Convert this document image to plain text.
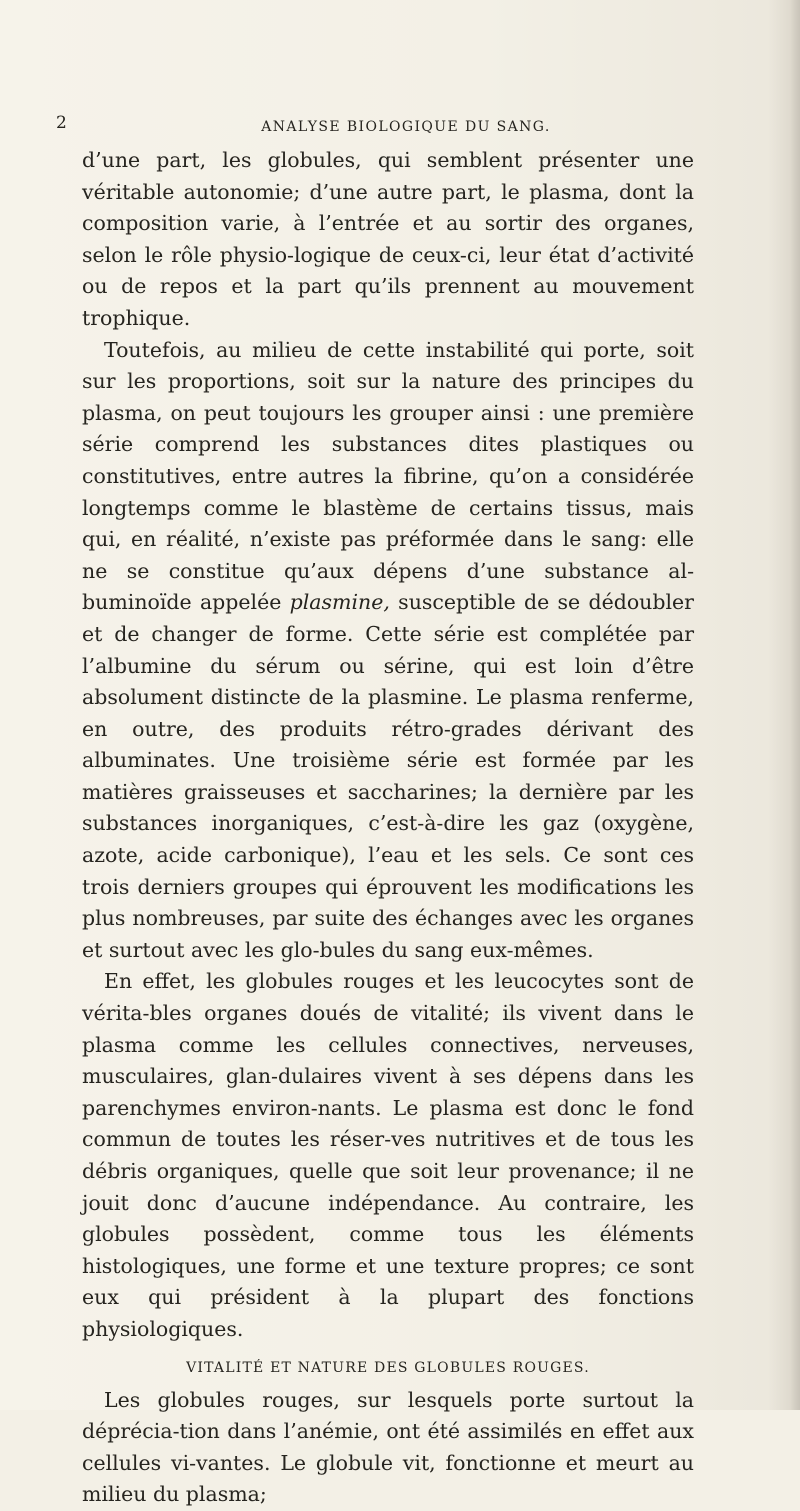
2	ANALYSE BIOLOGIQUE DU SANG.

d’une part, les globules, qui semblent présenter une véritable autonomie; d’une autre part, le plasma, dont la composition varie, à l’entrée et au sortir des organes, selon le rôle physio-logique de ceux-ci, leur état d’activité ou de repos et la part qu’ils prennent au mouvement trophique.

Toutefois, au milieu de cette instabilité qui porte, soit sur les proportions, soit sur la nature des principes du plasma, on peut toujours les grouper ainsi : une première série comprend les substances dites plastiques ou constitutives, entre autres la fibrine, qu’on a considérée longtemps comme le blastème de certains tissus, mais qui, en réalité, n’existe pas préformée dans le sang: elle ne se constitue qu’aux dépens d’une substance al-buminoïde appelée plasmine, susceptible de se dédoubler et de changer de forme. Cette série est complétée par l’albumine du sérum ou sérine, qui est loin d’être absolument distincte de la plasmine. Le plasma renferme, en outre, des produits rétro-grades dérivant des albuminates. Une troisième série est formée par les matières graisseuses et saccharines; la dernière par les substances inorganiques, c’est-à-dire les gaz (oxygène, azote, acide carbonique), l’eau et les sels. Ce sont ces trois derniers groupes qui éprouvent les modifications les plus nombreuses, par suite des échanges avec les organes et surtout avec les glo-bules du sang eux-mêmes.

En effet, les globules rouges et les leucocytes sont de vérita-bles organes doués de vitalité; ils vivent dans le plasma comme les cellules connectives, nerveuses, musculaires, glan-dulaires vivent à ses dépens dans les parenchymes environ-nants. Le plasma est donc le fond commun de toutes les réser-ves nutritives et de tous les débris organiques, quelle que soit leur provenance; il ne jouit donc d’aucune indépendance. Au contraire, les globules possèdent, comme tous les éléments histologiques, une forme et une texture propres; ce sont eux qui président à la plupart des fonctions physiologiques.

VITALITÉ ET NATURE DES GLOBULES ROUGES.

Les globules rouges, sur lesquels porte surtout la déprécia-tion dans l’anémie, ont été assimilés en effet aux cellules vi-vantes. Le globule vit, fonctionne et meurt au milieu du plasma;
